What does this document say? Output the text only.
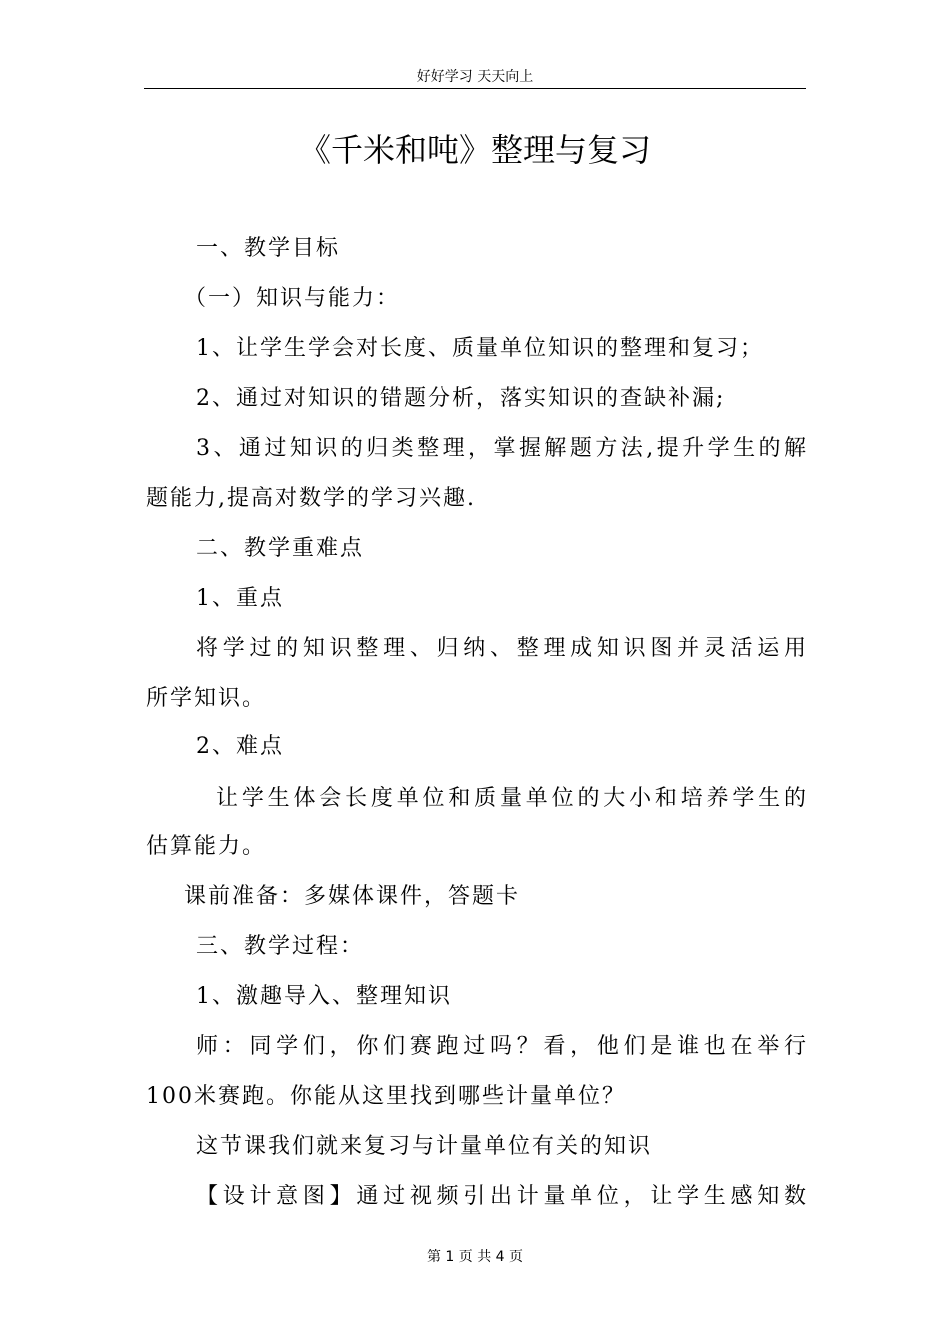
好好学习 天天向上
《千米和吨》整理与复习
一、教学目标
（一）知识与能力：
1、让学生学会对长度、质量单位知识的整理和复习；
2、通过对知识的错题分析，落实知识的查缺补漏;
3、通过知识的归类整理，掌握解题方法,提升学生的解
题能力,提高对数学的学习兴趣.
二、教学重难点
1、重点
将学过的知识整理、归纳、整理成知识图并灵活运用
所学知识。
2、难点
让学生体会长度单位和质量单位的大小和培养学生的
估算能力。
课前准备：多媒体课件，答题卡
三、教学过程：
1、激趣导入、整理知识
师：同学们，你们赛跑过吗？看，他们是谁也在举行
100米赛跑。你能从这里找到哪些计量单位？
这节课我们就来复习与计量单位有关的知识
【设计意图】通过视频引出计量单位，让学生感知数
第 1 页 共 4 页
